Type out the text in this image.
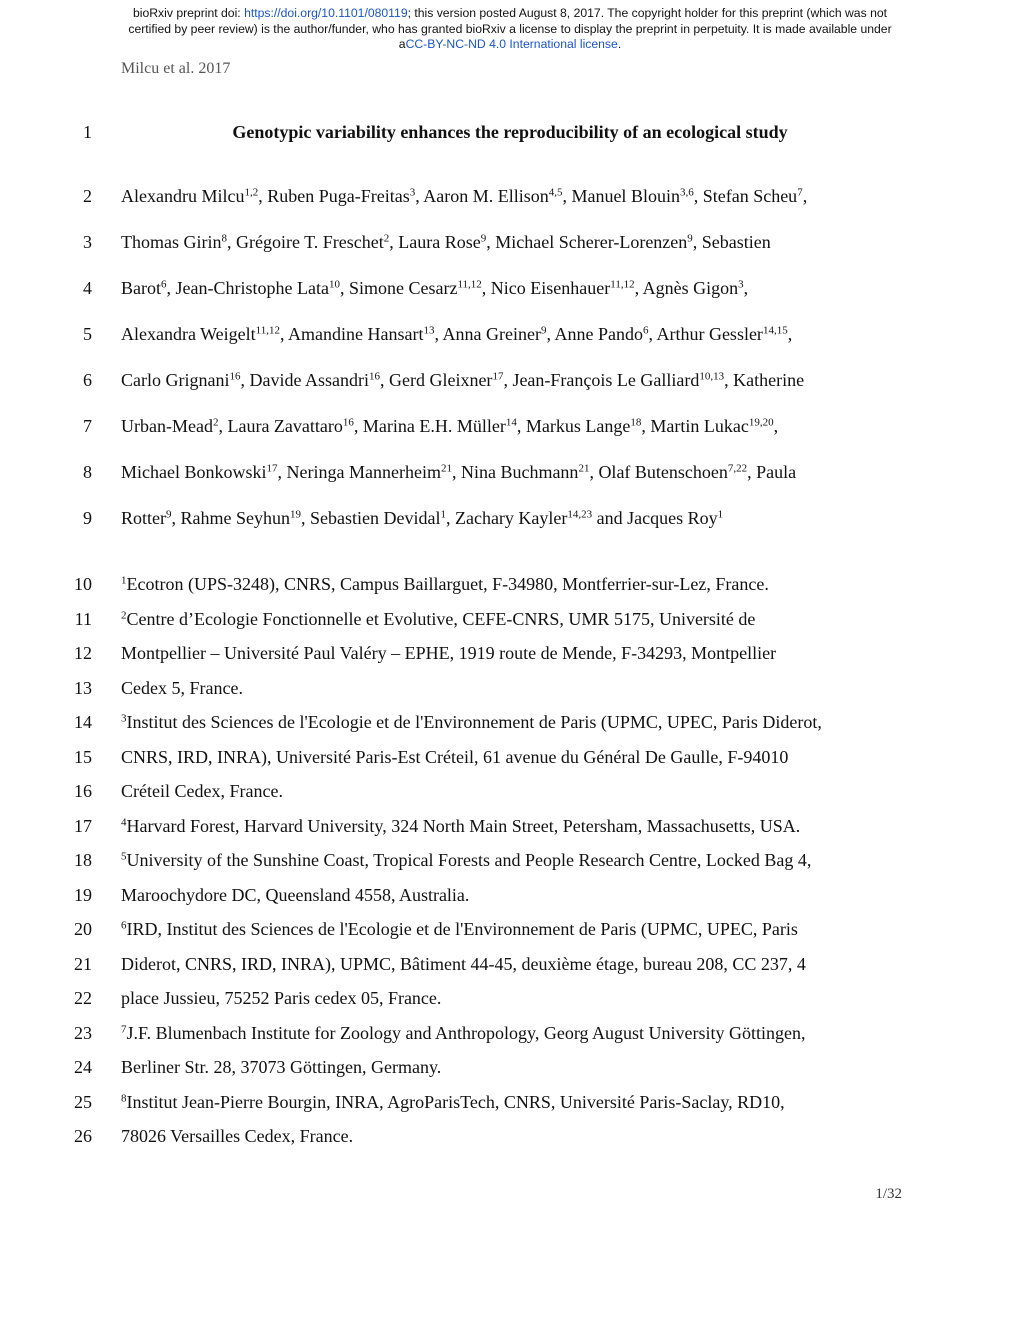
bioRxiv preprint doi: https://doi.org/10.1101/080119; this version posted August 8, 2017. The copyright holder for this preprint (which was not
certified by peer review) is the author/funder, who has granted bioRxiv a license to display the preprint in perpetuity. It is made available under
aCC-BY-NC-ND 4.0 International license.
Milcu et al. 2017
1	Genotypic variability enhances the reproducibility of an ecological study
2 Alexandru Milcu$^{1,2}$, Ruben Puga-Freitas$^3$, Aaron M. Ellison$^{4,5}$, Manuel Blouin$^{3,6}$, Stefan Scheu$^7$,
3 Thomas Girin$^8$, Grégoire T. Freschet$^2$, Laura Rose$^9$, Michael Scherer-Lorenzen$^9$, Sebastien
4 Barot$^6$, Jean-Christophe Lata$^{10}$, Simone Cesarz$^{11,12}$, Nico Eisenhauer$^{11,12}$, Agnès Gigon$^3$,
5 Alexandra Weigelt$^{11,12}$, Amandine Hansart$^{13}$, Anna Greiner$^9$, Anne Pando$^6$, Arthur Gessler$^{14,15}$,
6 Carlo Grignani$^{16}$, Davide Assandri$^{16}$, Gerd Gleixner$^{17}$, Jean-François Le Galliard$^{10,13}$, Katherine
7 Urban-Mead$^2$, Laura Zavattaro$^{16}$, Marina E.H. Müller$^{14}$, Markus Lange$^{18}$, Martin Lukac$^{19,20}$,
8 Michael Bonkowski$^{17}$, Neringa Mannerheim$^{21}$, Nina Buchmann$^{21}$, Olaf Butenschoen$^{7,22}$, Paula
9 Rotter$^9$, Rahme Seyhun$^{19}$, Sebastien Devidal$^1$, Zachary Kayler$^{14,23}$ and Jacques Roy$^1$
10	$^1$Ecotron (UPS-3248), CNRS, Campus Baillarguet, F-34980, Montferrier-sur-Lez, France.
11	$^2$Centre d’Ecologie Fonctionnelle et Evolutive, CEFE-CNRS, UMR 5175, Université de
12 Montpellier – Université Paul Valéry – EPHE, 1919 route de Mende, F-34293, Montpellier
13 Cedex 5, France.
14	$^3$Institut des Sciences de l'Ecologie et de l'Environnement de Paris (UPMC, UPEC, Paris Diderot,
15 CNRS, IRD, INRA), Université Paris-Est Créteil, 61 avenue du Général De Gaulle, F-94010
16 Créteil Cedex, France.
17	$^4$Harvard Forest, Harvard University, 324 North Main Street, Petersham, Massachusetts, USA.
18	$^5$University of the Sunshine Coast, Tropical Forests and People Research Centre, Locked Bag 4,
19 Maroochydore DC, Queensland 4558, Australia.
20	$^6$IRD, Institut des Sciences de l'Ecologie et de l'Environnement de Paris (UPMC, UPEC, Paris
21 Diderot, CNRS, IRD, INRA), UPMC, Bâtiment 44-45, deuxième étage, bureau 208, CC 237, 4
22 place Jussieu, 75252 Paris cedex 05, France.
23	$^7$J.F. Blumenbach Institute for Zoology and Anthropology, Georg August University Göttingen,
24 Berliner Str. 28, 37073 Göttingen, Germany.
25	$^8$Institut Jean-Pierre Bourgin, INRA, AgroParisTech, CNRS, Université Paris-Saclay, RD10,
26 78026 Versailles Cedex, France.
1/32
